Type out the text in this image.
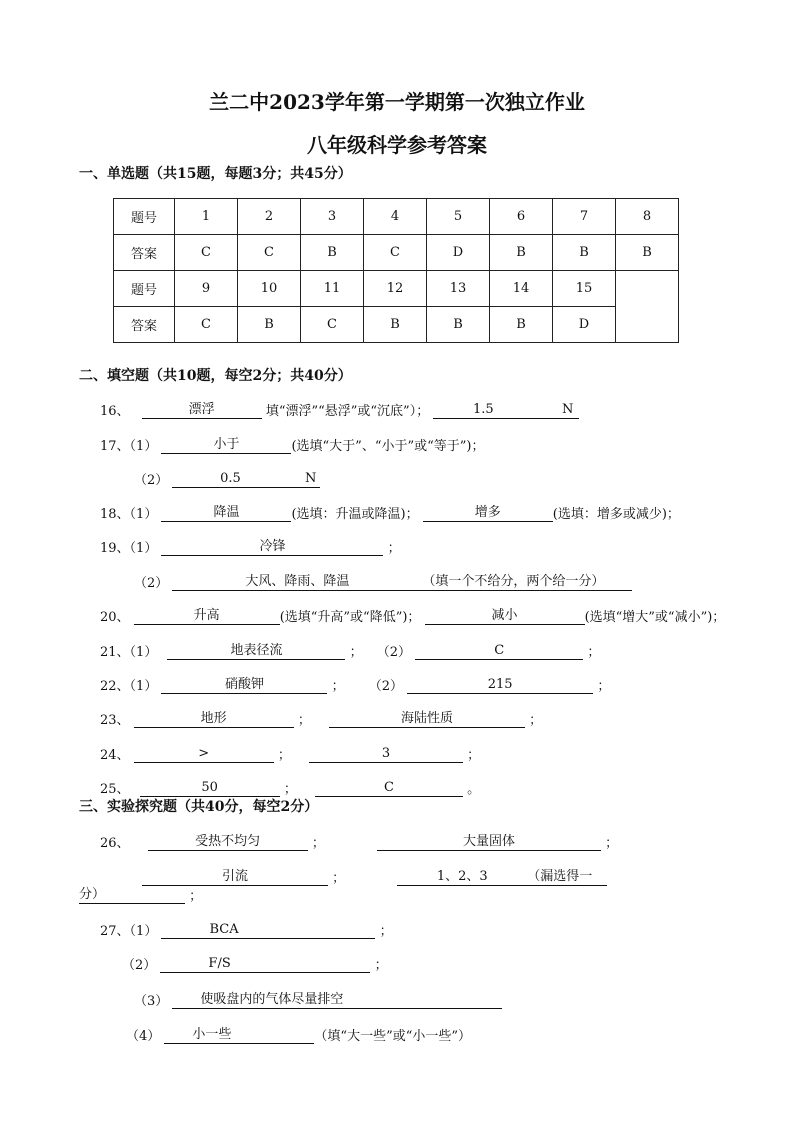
兰二中2023学年第一学期第一次独立作业
八年级科学参考答案
一、单选题（共15题，每题3分；共45分）
题号	1	2	3	4	5	6	7	8
答案	C	C	B	C	D	B	B	B
题号	9	10	11	12	13	14	15	
答案	C	B	C	B	B	B	D	
二、填空题（共10题，每空2分；共40分）
16、	漂浮	填“漂浮”“悬浮”或“沉底”）；	1.5	N
17、（1）	小于	(选填“大于”、“小于”或“等于”)；
（2）	0.5	N
18、（1）	降温	(选填：升温或降温)；	增多	(选填：增多或减少)；
19、（1）	冷锋	；
（2）	大风、降雨、降温	（填一个不给分，两个给一分）
20、	升高	(选填“升高”或“降低”)；	减小	(选填“增大”或“减小”)；
21、（1）	地表径流	； （2）	C	；
22、（1）	硝酸钾	； （2）	215	；
23、	地形	；	海陆性质	；
24、	>	；	3	；
25、	50	；	C	。
三、实验探究题（共40分，每空2分）
26、	受热不均匀	；	大量固体	；
引流	；	1、2、3	（漏选得一
分）	；
27、（1）	BCA	；
（2）	F/S	；
（3） 使吸盘内的气体尽量排空
（4） 小一些	（填“大一些”或“小一些”）
